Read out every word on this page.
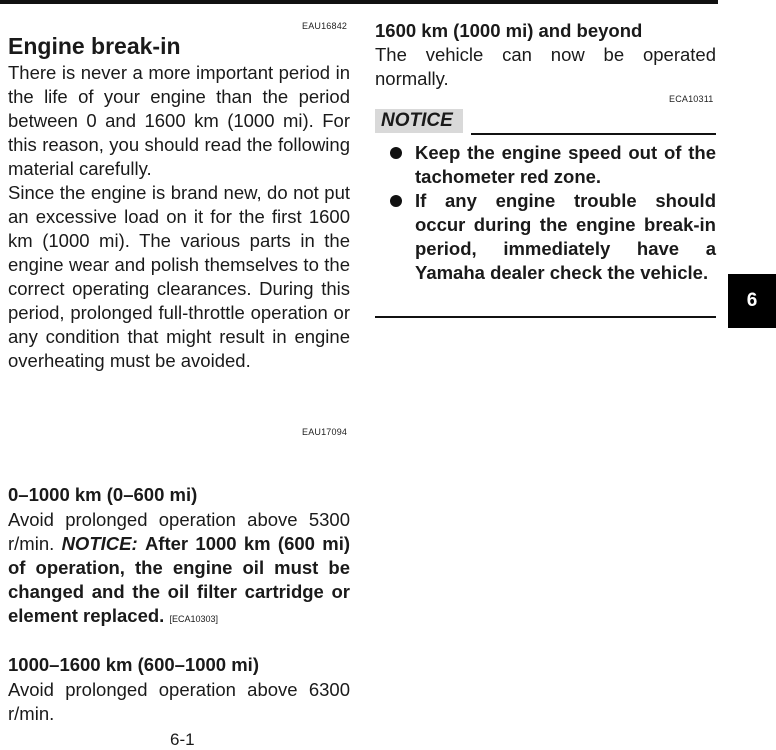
EAU16842
Engine break-in
There is never a more important period in the life of your engine than the period between 0 and 1600 km (1000 mi). For this reason, you should read the following material carefully.
Since the engine is brand new, do not put an excessive load on it for the first 1600 km (1000 mi). The various parts in the engine wear and polish themselves to the correct operating clearances. During this period, prolonged full-throttle operation or any condition that might result in engine overheating must be avoided.
EAU17094
0–1000 km (0–600 mi)
Avoid prolonged operation above 5300 r/min. NOTICE: After 1000 km (600 mi) of operation, the engine oil must be changed and the oil filter cartridge or element replaced. [ECA10303]
1000–1600 km (600–1000 mi)
Avoid prolonged operation above 6300 r/min.
6-1
1600 km (1000 mi) and beyond
The vehicle can now be operated normally.
ECA10311
NOTICE
Keep the engine speed out of the tachometer red zone.
If any engine trouble should occur during the engine break-in period, immediately have a Yamaha dealer check the vehicle.
6
